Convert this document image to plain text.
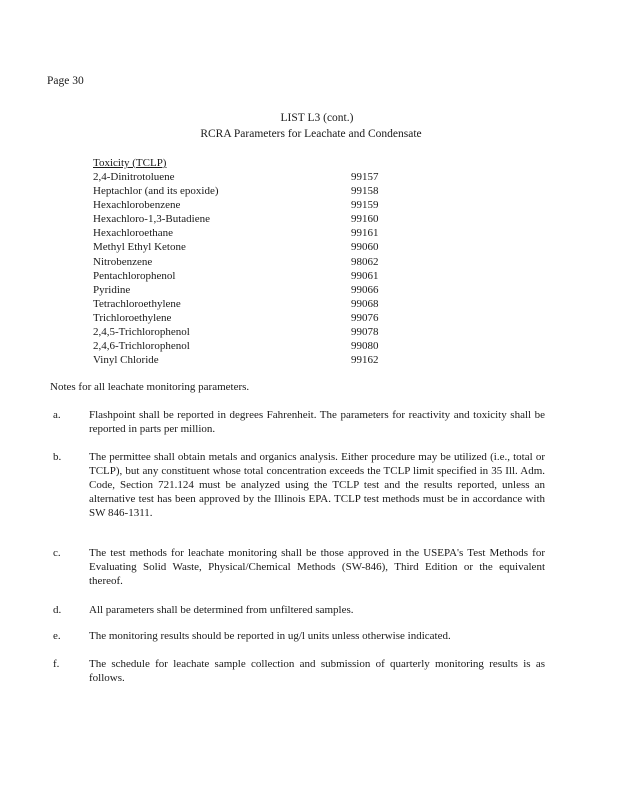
Page 30
LIST L3 (cont.)
RCRA Parameters for Leachate and Condensate
Toxicity (TCLP)
2,4-Dinitrotoluene	99157
Heptachlor (and its epoxide)	99158
Hexachlorobenzene	99159
Hexachloro-1,3-Butadiene	99160
Hexachloroethane	99161
Methyl Ethyl Ketone	99060
Nitrobenzene	98062
Pentachlorophenol	99061
Pyridine	99066
Tetrachloroethylene	99068
Trichloroethylene	99076
2,4,5-Trichlorophenol	99078
2,4,6-Trichlorophenol	99080
Vinyl Chloride	99162
Notes for all leachate monitoring parameters.
a.	Flashpoint shall be reported in degrees Fahrenheit. The parameters for reactivity and toxicity shall be reported in parts per million.
b.	The permittee shall obtain metals and organics analysis. Either procedure may be utilized (i.e., total or TCLP), but any constituent whose total concentration exceeds the TCLP limit specified in 35 Ill. Adm. Code, Section 721.124 must be analyzed using the TCLP test and the results reported, unless an alternative test has been approved by the Illinois EPA. TCLP test methods must be in accordance with SW 846-1311.
c.	The test methods for leachate monitoring shall be those approved in the USEPA's Test Methods for Evaluating Solid Waste, Physical/Chemical Methods (SW-846), Third Edition or the equivalent thereof.
d.	All parameters shall be determined from unfiltered samples.
e.	The monitoring results should be reported in ug/l units unless otherwise indicated.
f.	The schedule for leachate sample collection and submission of quarterly monitoring results is as follows.
